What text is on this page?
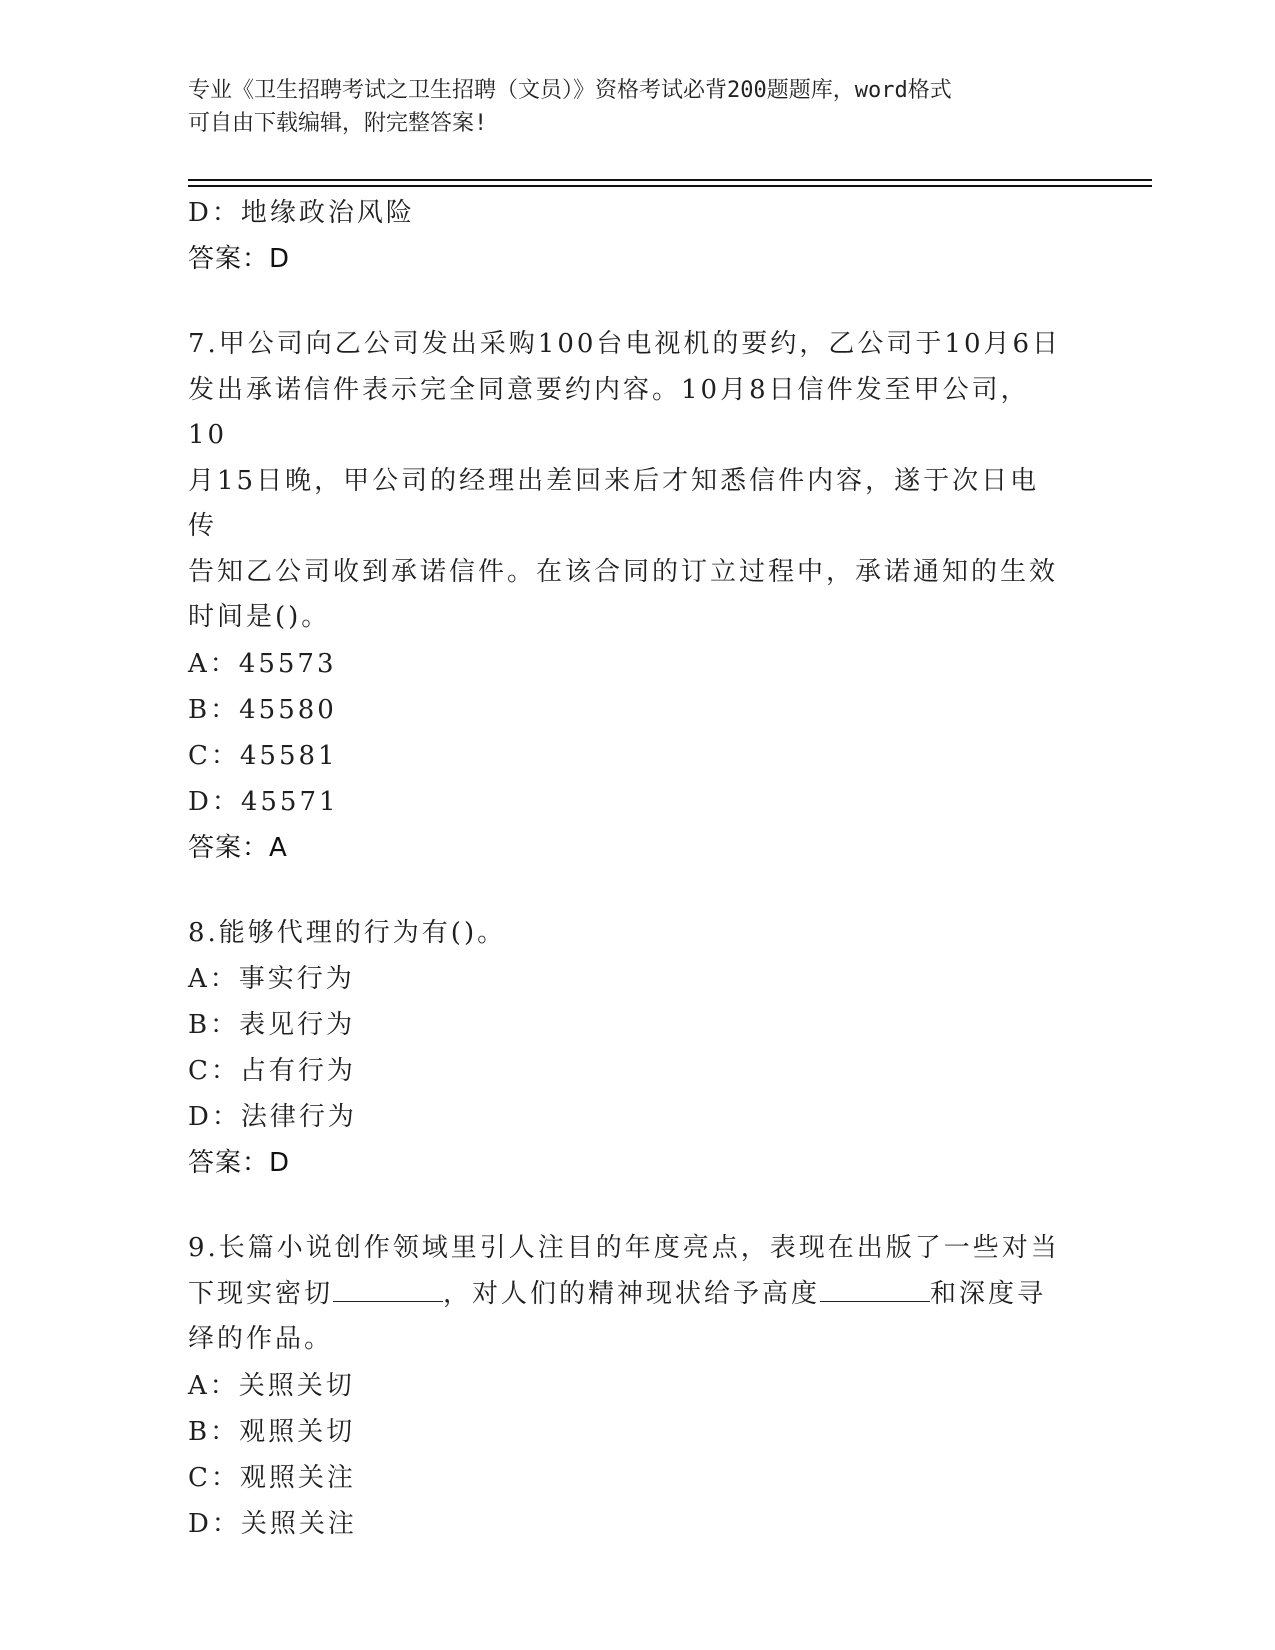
专业《卫生招聘考试之卫生招聘（文员）》资格考试必背200题题库，word格式
可自由下载编辑，附完整答案!
D：地缘政治风险
答案：D
7.甲公司向乙公司发出采购100台电视机的要约，乙公司于10月6日
发出承诺信件表示完全同意要约内容。10月8日信件发至甲公司，10
月15日晚，甲公司的经理出差回来后才知悉信件内容，遂于次日电传
告知乙公司收到承诺信件。在该合同的订立过程中，承诺通知的生效
时间是()。
A：45573
B：45580
C：45581
D：45571
答案：A
8.能够代理的行为有()。
A：事实行为
B：表见行为
C：占有行为
D：法律行为
答案：D
9.长篇小说创作领域里引人注目的年度亮点，表现在出版了一些对当
下现实密切	，对人们的精神现状给予高度	和深度寻
绎的作品。
A：关照关切
B：观照关切
C：观照关注
D：关照关注
